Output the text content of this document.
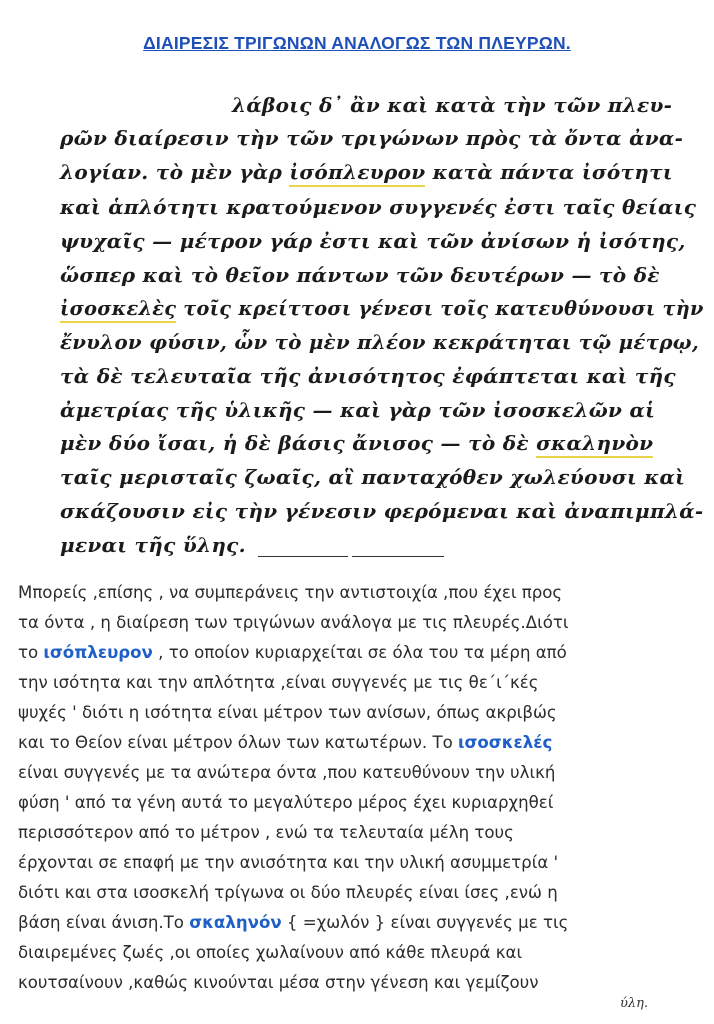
ΔΙΑΙΡΕΣΙΣ ΤΡΙΓΩΝΩΝ ΑΝΑΛΟΓΩΣ ΤΩΝ ΠΛΕΥΡΩΝ.
λάβοις δ᾽ ἂν καὶ κατὰ τὴν τῶν πλευ-
ρῶν διαίρεσιν τὴν τῶν τριγώνων πρὸς τὰ ὄντα ἀνα-
λογίαν. τὸ μὲν γὰρ ἰσόπλευρον κατὰ πάντα ἰσότητι
καὶ ἁπλότητι κρατούμενον συγγενές ἐστι ταῖς θείαις
ψυχαῖς — μέτρον γάρ ἐστι καὶ τῶν ἀνίσων ἡ ἰσότης,
ὥσπερ καὶ τὸ θεῖον πάντων τῶν δευτέρων — τὸ δὲ
ἰσοσκελὲς τοῖς κρείττοσι γένεσι τοῖς κατευθύνουσι τὴν
ἔνυλον φύσιν, ὧν τὸ μὲν πλέον κεκράτηται τῷ μέτρῳ,
τὰ δὲ τελευταῖα τῆς ἀνισότητος ἐφάπτεται καὶ τῆς
ἀμετρίας τῆς ὑλικῆς — καὶ γὰρ τῶν ἰσοσκελῶν αἱ
μὲν δύο ἴσαι, ἡ δὲ βάσις ἄνισος — τὸ δὲ σκαληνὸν
ταῖς μερισταῖς ζωαῖς, αἳ πανταχόθεν χωλεύουσι καὶ
σκάζουσιν εἰς τὴν γένεσιν φερόμεναι καὶ ἀναπιμπλά-
μεναι τῆς ὕλης.
Μπορείς ,επίσης , να συμπεράνεις την αντιστοιχία ,που έχει προς
τα όντα , η διαίρεση των τριγώνων ανάλογα με τις πλευρές.Διότι
το ισόπλευρον , το οποίον κυριαρχείται σε όλα του τα μέρη από
την ισότητα και την απλότητα ,είναι συγγενές με τις θε΄ι΄κές
ψυχές ' διότι η ισότητα είναι μέτρον των ανίσων, όπως ακριβώς
και το Θείον είναι μέτρον όλων των κατωτέρων. Το ισοσκελές
είναι συγγενές με τα ανώτερα όντα ,που κατευθύνουν την υλική
φύση ' από τα γένη αυτά το μεγαλύτερο μέρος έχει κυριαρχηθεί
περισσότερον από το μέτρον , ενώ τα τελευταία μέλη τους
έρχονται σε επαφή με την ανισότητα και την υλική ασυμμετρία '
διότι και στα ισοσκελή τρίγωνα οι δύο πλευρές είναι ίσες ,ενώ η
βάση είναι άνιση.Το σκαληνόν { =χωλόν } είναι συγγενές με τις
διαιρεμένες ζωές ,οι οποίες χωλαίνουν από κάθε πλευρά και
κουτσαίνουν ,καθώς κινούνται μέσα στην γένεση και γεμίζουν
ύλη.
